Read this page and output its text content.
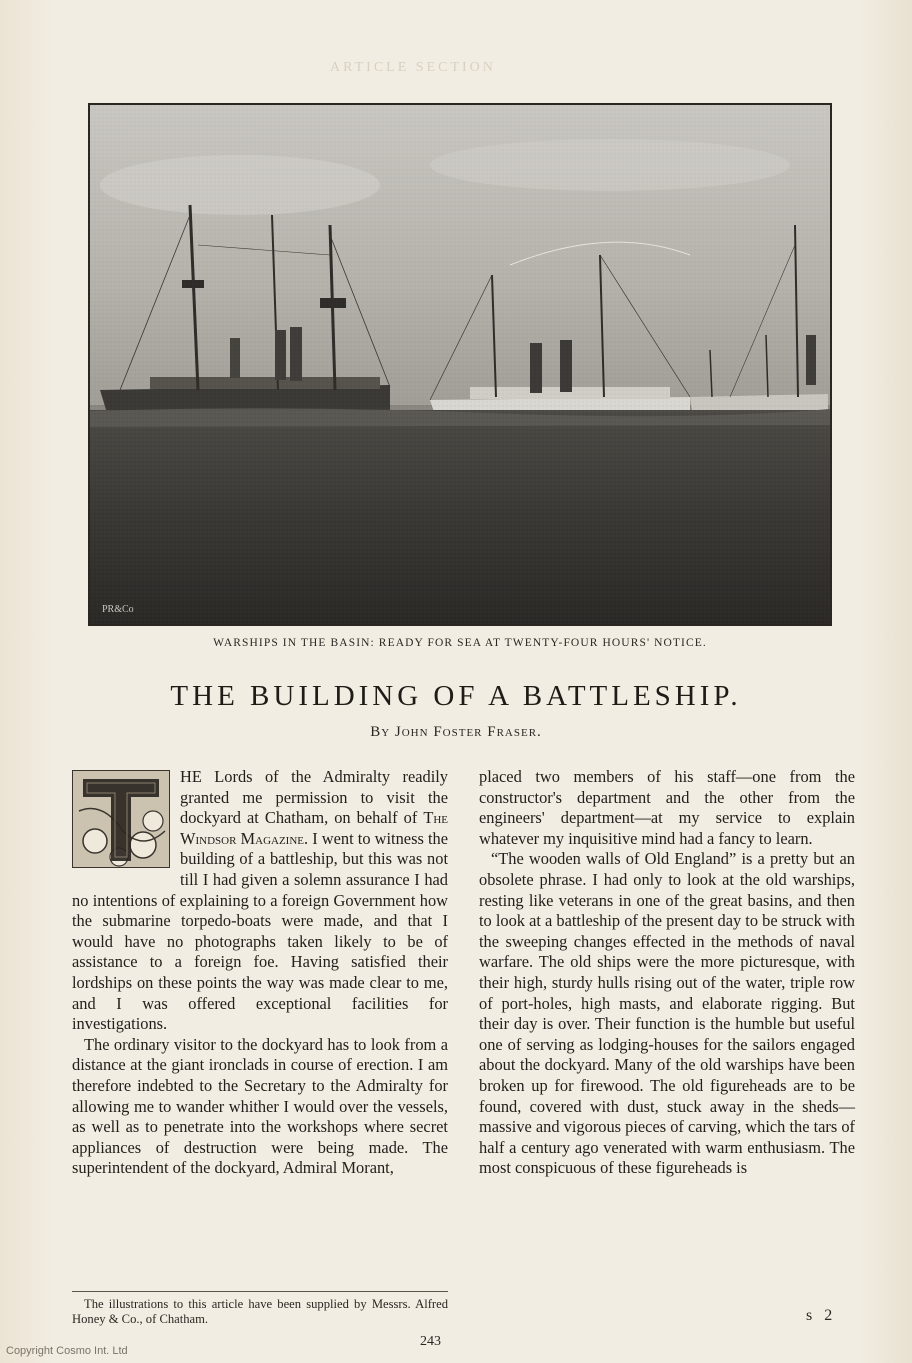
ARTICLE SECTION
PR&Co
WARSHIPS IN THE BASIN: READY FOR SEA AT TWENTY-FOUR HOURS' NOTICE.
THE BUILDING OF A BATTLESHIP.
By John Foster Fraser.

HE Lords of the Admiralty readily granted me permission to visit the dockyard at Chatham, on behalf of The Windsor Magazine. I went to witness the building of a battleship, but this was not till I had given a solemn assurance I had no intentions of explaining to a foreign Government how the submarine torpedo-boats were made, and that I would have no photographs taken likely to be of assistance to a foreign foe. Having satisfied their lordships on these points the way was made clear to me, and I was offered exceptional facilities for investigations.

The ordinary visitor to the dockyard has to look from a distance at the giant ironclads in course of erection. I am therefore indebted to the Secretary to the Admiralty for allowing me to wander whither I would over the vessels, as well as to penetrate into the workshops where secret appliances of destruction were being made. The superintendent of the dockyard, Admiral Morant,

placed two members of his staff—one from the constructor's department and the other from the engineers' department—at my service to explain whatever my inquisitive mind had a fancy to learn.

“The wooden walls of Old England” is a pretty but an obsolete phrase. I had only to look at the old warships, resting like veterans in one of the great basins, and then to look at a battleship of the present day to be struck with the sweeping changes effected in the methods of naval warfare. The old ships were the more picturesque, with their high, sturdy hulls rising out of the water, triple row of port-holes, high masts, and elaborate rigging. But their day is over. Their function is the humble but useful one of serving as lodging-houses for the sailors engaged about the dockyard. Many of the old warships have been broken up for firewood. The old figureheads are to be found, covered with dust, stuck away in the sheds—massive and vigorous pieces of carving, which the tars of half a century ago venerated with warm enthusiasm. The most conspicuous of these figureheads is

The illustrations to this article have been supplied by Messrs. Alfred Honey & Co., of Chatham.
243
s 2
Copyright Cosmo Int. Ltd
